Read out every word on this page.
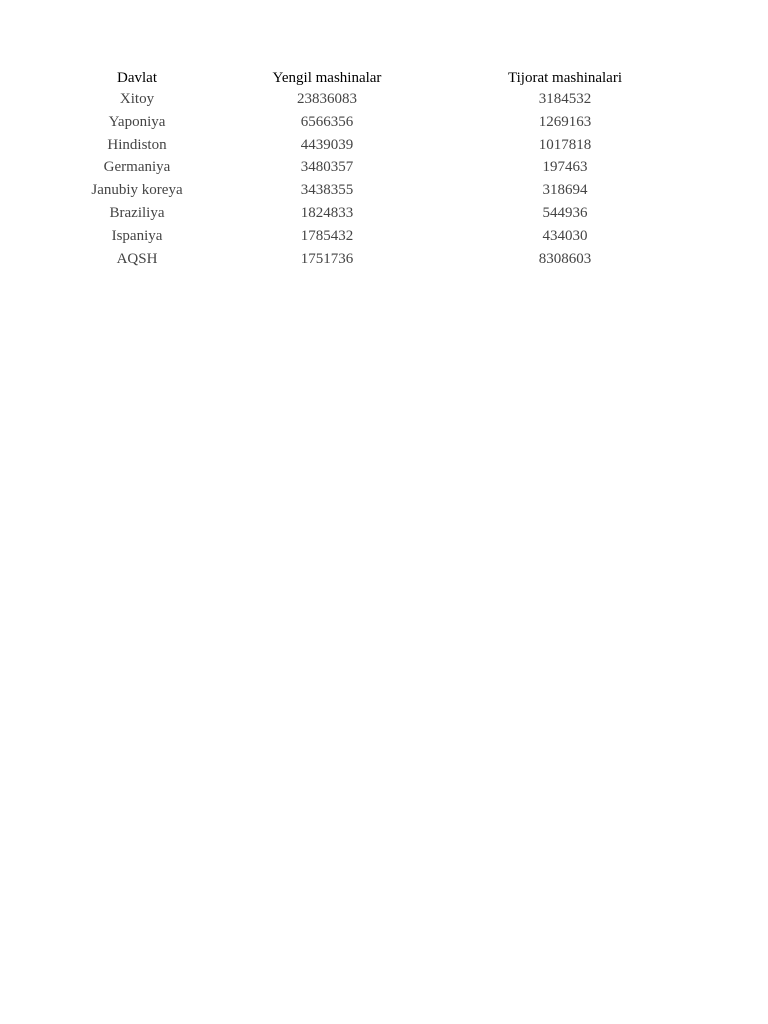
Davlat	Yengil mashinalar	Tijorat mashinalari
Xitoy	23836083	3184532
Yaponiya	6566356	1269163
Hindiston	4439039	1017818
Germaniya	3480357	197463
Janubiy koreya	3438355	318694
Braziliya	1824833	544936
Ispaniya	1785432	434030
AQSH	1751736	8308603
